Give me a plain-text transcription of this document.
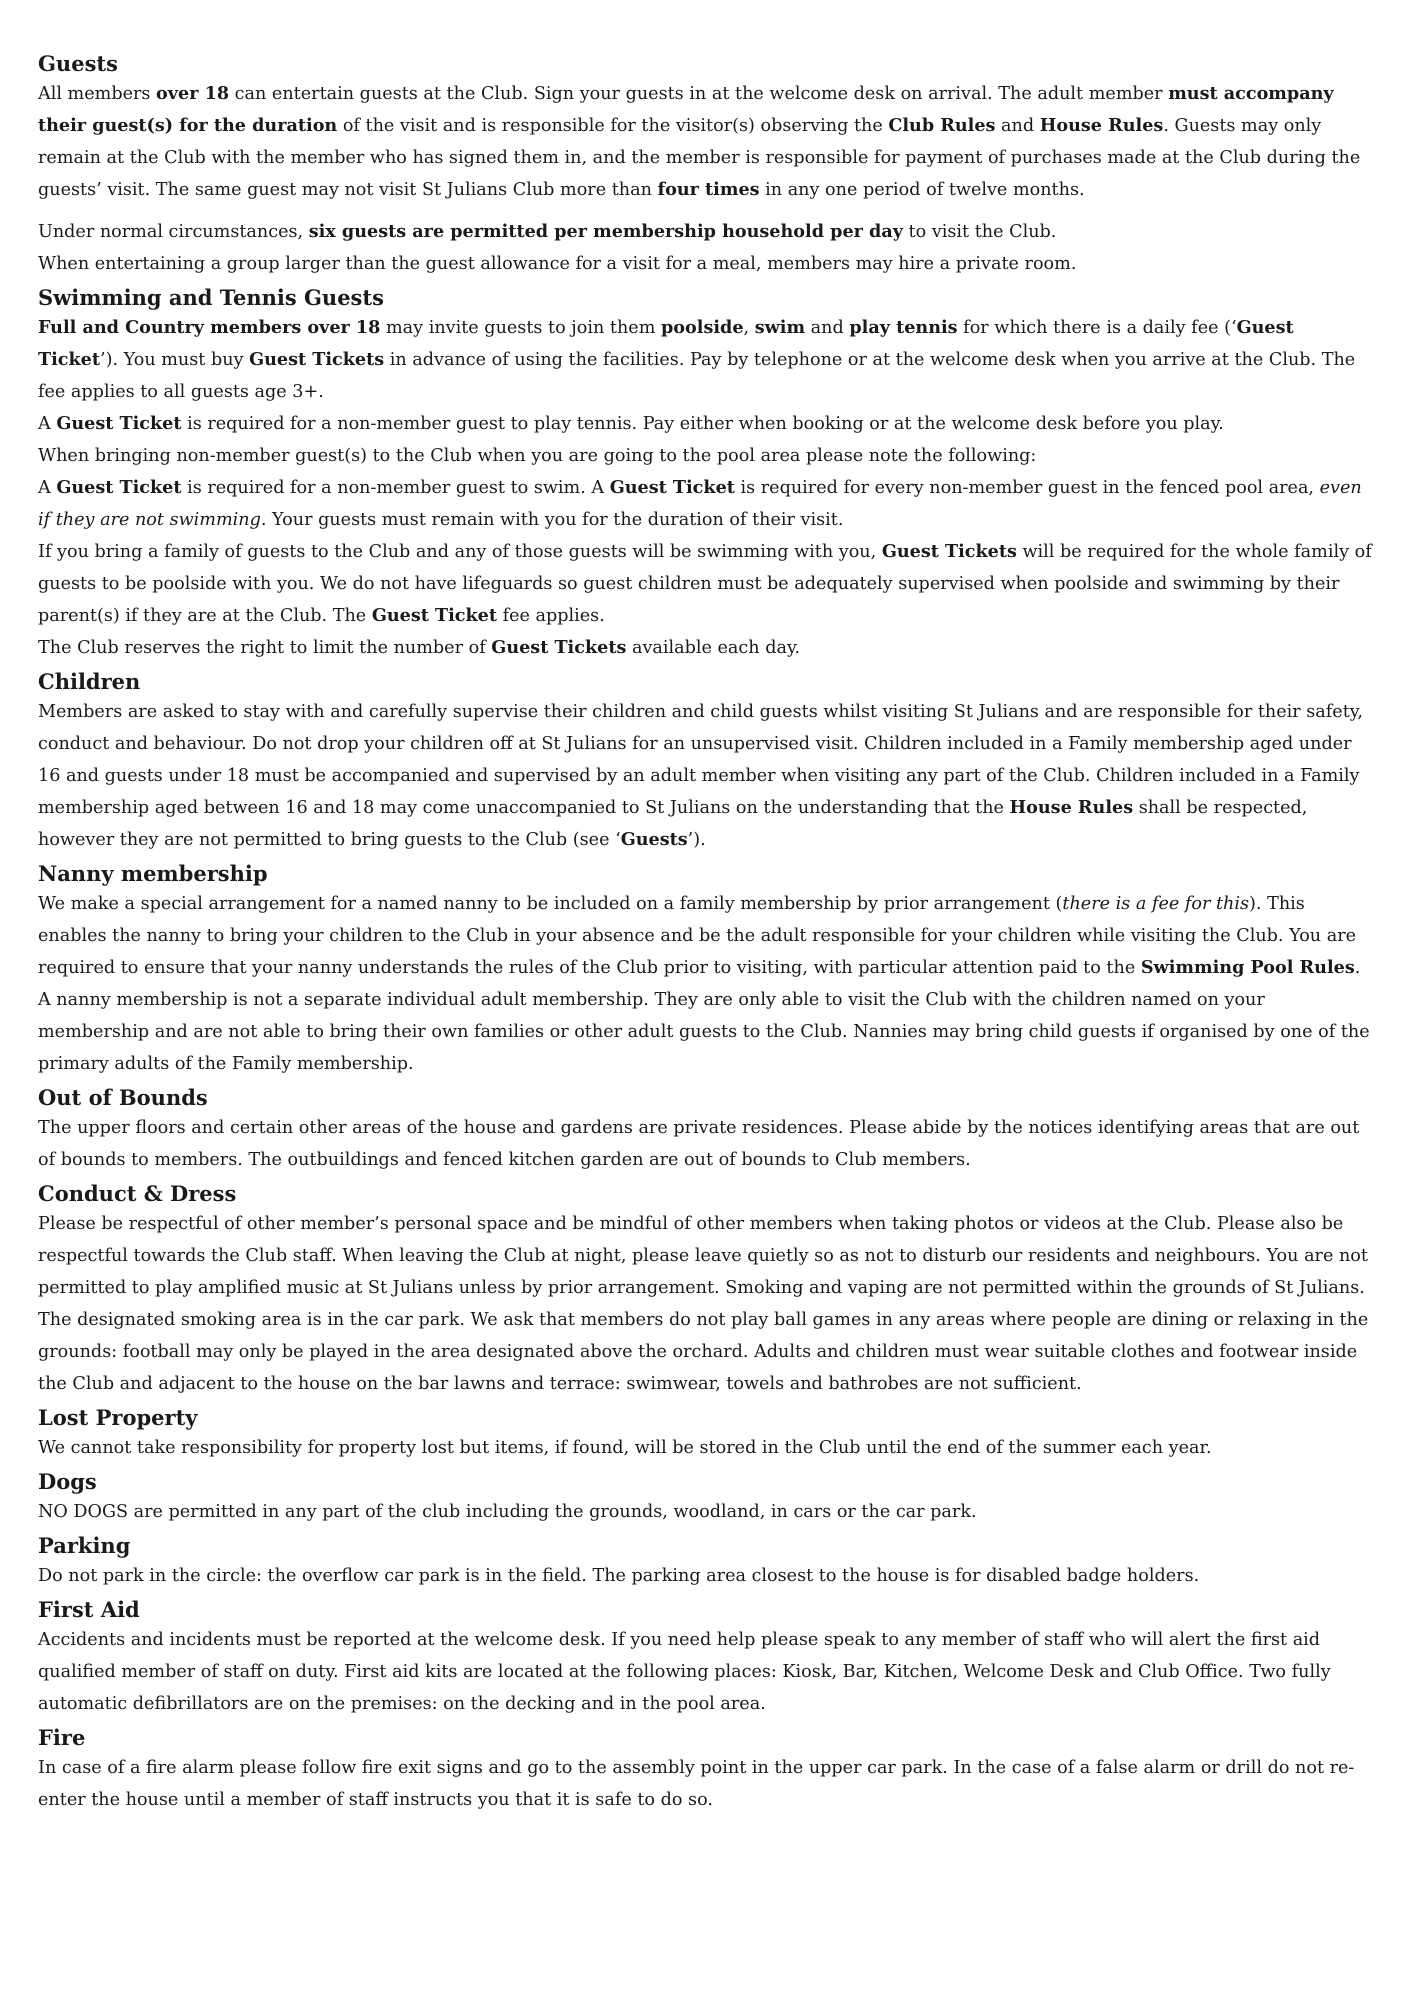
Guests

All members over 18 can entertain guests at the Club. Sign your guests in at the welcome desk on arrival. The adult member must accompany their guest(s) for the duration of the visit and is responsible for the visitor(s) observing the Club Rules and House Rules. Guests may only remain at the Club with the member who has signed them in, and the member is responsible for payment of purchases made at the Club during the guests’ visit. The same guest may not visit St Julians Club more than four times in any one period of twelve months.

Under normal circumstances, six guests are permitted per membership household per day to visit the Club.

When entertaining a group larger than the guest allowance for a visit for a meal, members may hire a private room.

Swimming and Tennis Guests

Full and Country members over 18 may invite guests to join them poolside, swim and play tennis for which there is a daily fee (‘Guest Ticket’). You must buy Guest Tickets in advance of using the facilities. Pay by telephone or at the welcome desk when you arrive at the Club. The fee applies to all guests age 3+.

A Guest Ticket is required for a non-member guest to play tennis. Pay either when booking or at the welcome desk before you play.

When bringing non-member guest(s) to the Club when you are going to the pool area please note the following:

A Guest Ticket is required for a non-member guest to swim. A Guest Ticket is required for every non-member guest in the fenced pool area, even if they are not swimming. Your guests must remain with you for the duration of their visit.

If you bring a family of guests to the Club and any of those guests will be swimming with you, Guest Tickets will be required for the whole family of guests to be poolside with you. We do not have lifeguards so guest children must be adequately supervised when poolside and swimming by their parent(s) if they are at the Club. The Guest Ticket fee applies.

The Club reserves the right to limit the number of Guest Tickets available each day.

Children

Members are asked to stay with and carefully supervise their children and child guests whilst visiting St Julians and are responsible for their safety, conduct and behaviour. Do not drop your children off at St Julians for an unsupervised visit. Children included in a Family membership aged under 16 and guests under 18 must be accompanied and supervised by an adult member when visiting any part of the Club. Children included in a Family membership aged between 16 and 18 may come unaccompanied to St Julians on the understanding that the House Rules shall be respected, however they are not permitted to bring guests to the Club (see ‘Guests’).

Nanny membership

We make a special arrangement for a named nanny to be included on a family membership by prior arrangement (there is a fee for this). This enables the nanny to bring your children to the Club in your absence and be the adult responsible for your children while visiting the Club. You are required to ensure that your nanny understands the rules of the Club prior to visiting, with particular attention paid to the Swimming Pool Rules. A nanny membership is not a separate individual adult membership. They are only able to visit the Club with the children named on your membership and are not able to bring their own families or other adult guests to the Club. Nannies may bring child guests if organised by one of the primary adults of the Family membership.

Out of Bounds

The upper floors and certain other areas of the house and gardens are private residences. Please abide by the notices identifying areas that are out of bounds to members. The outbuildings and fenced kitchen garden are out of bounds to Club members.

Conduct & Dress

Please be respectful of other member’s personal space and be mindful of other members when taking photos or videos at the Club. Please also be respectful towards the Club staff. When leaving the Club at night, please leave quietly so as not to disturb our residents and neighbours. You are not permitted to play amplified music at St Julians unless by prior arrangement. Smoking and vaping are not permitted within the grounds of St Julians. The designated smoking area is in the car park. We ask that members do not play ball games in any areas where people are dining or relaxing in the grounds: football may only be played in the area designated above the orchard. Adults and children must wear suitable clothes and footwear inside the Club and adjacent to the house on the bar lawns and terrace: swimwear, towels and bathrobes are not sufficient.

Lost Property

We cannot take responsibility for property lost but items, if found, will be stored in the Club until the end of the summer each year.

Dogs

NO DOGS are permitted in any part of the club including the grounds, woodland, in cars or the car park.

Parking

Do not park in the circle: the overflow car park is in the field. The parking area closest to the house is for disabled badge holders.

First Aid

Accidents and incidents must be reported at the welcome desk. If you need help please speak to any member of staff who will alert the first aid qualified member of staff on duty. First aid kits are located at the following places: Kiosk, Bar, Kitchen, Welcome Desk and Club Office. Two fully automatic defibrillators are on the premises: on the decking and in the pool area.

Fire

In case of a fire alarm please follow fire exit signs and go to the assembly point in the upper car park. In the case of a false alarm or drill do not re-enter the house until a member of staff instructs you that it is safe to do so.
